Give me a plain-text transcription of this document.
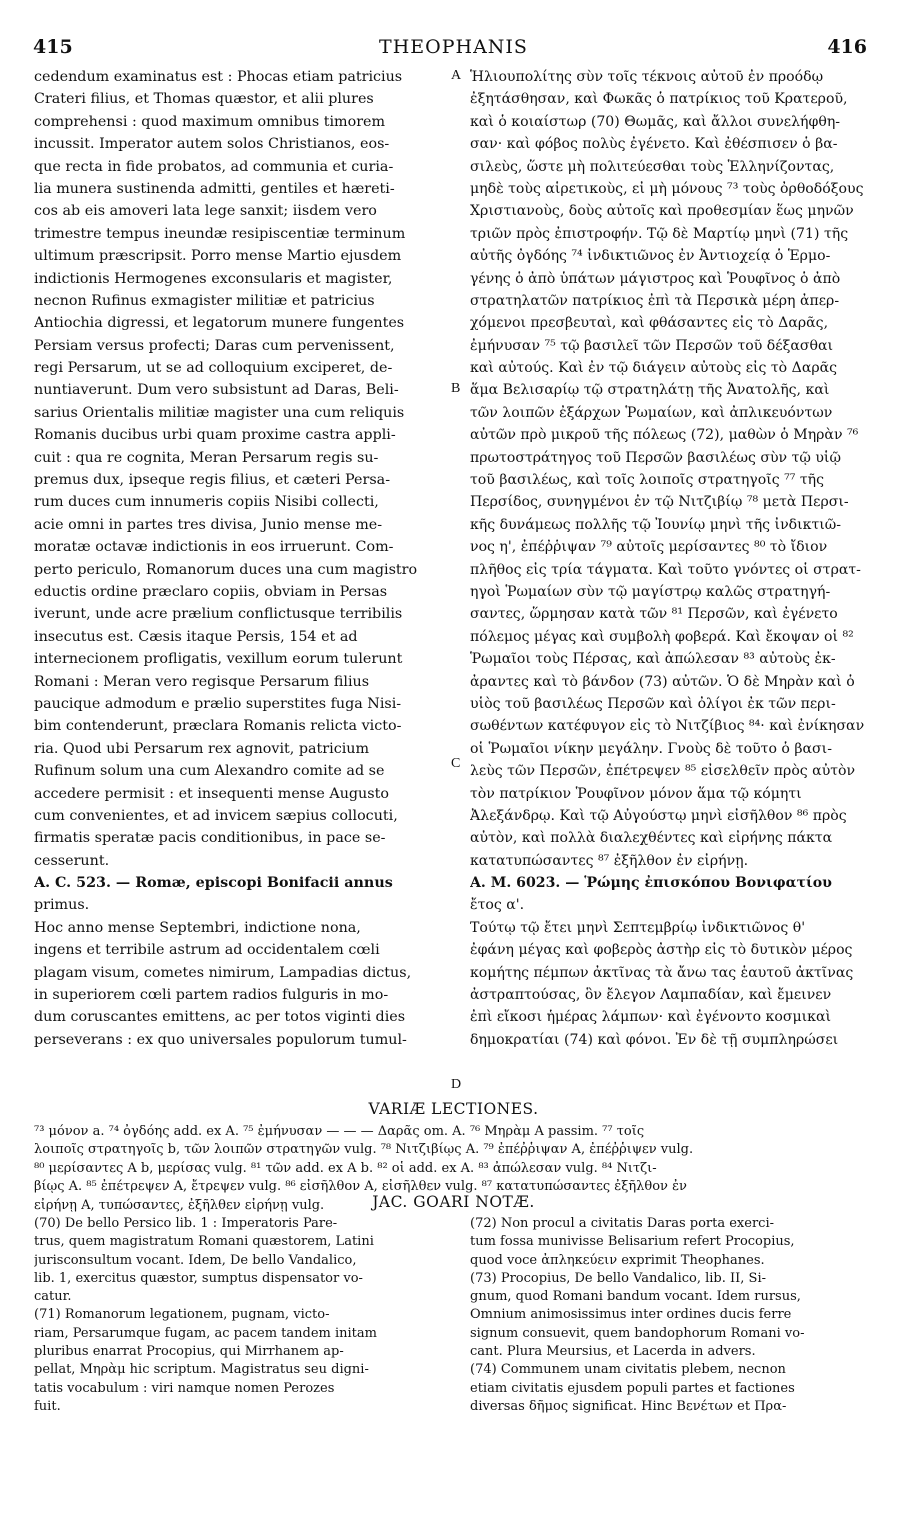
415	THEOPHANIS	416
cedendum examinatus est : Phocas etiam patricius
Crateri filius, et Thomas quæstor, et alii plures
comprehensi : quod maximum omnibus timorem
incussit. Imperator autem solos Christianos, eos-
que recta in fide probatos, ad communia et curia-
lia munera sustinenda admitti, gentiles et hæreti-
cos ab eis amoveri lata lege sanxit; iisdem vero
trimestre tempus ineundæ resipiscentiæ terminum
ultimum præscripsit. Porro mense Martio ejusdem
indictionis Hermogenes exconsularis et magister,
necnon Rufinus exmagister militiæ et patricius
Antiochia digressi, et legatorum munere fungentes
Persiam versus profecti; Daras cum pervenissent,
regi Persarum, ut se ad colloquium exciperet, de-
nuntiaverunt. Dum vero subsistunt ad Daras, Beli-
sarius Orientalis militiæ magister una cum reliquis
Romanis ducibus urbi quam proxime castra appli-
cuit : qua re cognita, Meran Persarum regis su-
premus dux, ipseque regis filius, et cæteri Persa-
rum duces cum innumeris copiis Nisibi collecti,
acie omni in partes tres divisa, Junio mense me-
moratæ octavæ indictionis in eos irruerunt. Com-
perto periculo, Romanorum duces una cum magistro
eductis ordine præclaro copiis, obviam in Persas
iverunt, unde acre prælium conflictusque terribilis
insecutus est. Cæsis itaque Persis, 154 et ad
internecionem profligatis, vexillum eorum tulerunt
Romani : Meran vero regisque Persarum filius
paucique admodum e prælio superstites fuga Nisi-
bim contenderunt, præclara Romanis relicta victo-
ria. Quod ubi Persarum rex agnovit, patricium
Rufinum solum una cum Alexandro comite ad se
accedere permisit : et insequenti mense Augusto
cum convenientes, et ad invicem sæpius collocuti,
firmatis speratæ pacis conditionibus, in pace se-
cesserunt.
A. C. 523. — Romæ, episcopi Bonifacii annus
primus.
Hoc anno mense Septembri, indictione nona,
ingens et terribile astrum ad occidentalem cœli
plagam visum, cometes nimirum, Lampadias dictus,
in superiorem cœli partem radios fulguris in mo-
dum coruscantes emittens, ac per totos viginti dies
perseverans : ex quo universales populorum tumul-
Ἡλιουπολίτης σὺν τοῖς τέκνοις αὐτοῦ ἐν προόδῳ
ἐξητάσθησαν, καὶ Φωκᾶς ὁ πατρίκιος τοῦ Κρατεροῦ,
καὶ ὁ κοιαίστωρ (70) Θωμᾶς, καὶ ἄλλοι συνελήφθη-
σαν· καὶ φόβος πολὺς ἐγένετο. Καὶ ἐθέσπισεν ὁ βα-
σιλεὺς, ὥστε μὴ πολιτεύεσθαι τοὺς Ἑλληνίζοντας,
μηδὲ τοὺς αἱρετικοὺς, εἰ μὴ μόνους ⁷³ τοὺς ὀρθοδόξους
Χριστιανοὺς, δοὺς αὐτοῖς καὶ προθεσμίαν ἕως μηνῶν
τριῶν πρὸς ἐπιστροφήν. Τῷ δὲ Μαρτίῳ μηνὶ (71) τῆς
αὐτῆς ὀγδόης ⁷⁴ ἰνδικτιῶνος ἐν Ἀντιοχείᾳ ὁ Ἑρμο-
γένης ὁ ἀπὸ ὑπάτων μάγιστρος καὶ Ῥουφῖνος ὁ ἀπὸ
στρατηλατῶν πατρίκιος ἐπὶ τὰ Περσικὰ μέρη ἀπερ-
χόμενοι πρεσβευταὶ, καὶ φθάσαντες εἰς τὸ Δαρᾶς,
ἐμήνυσαν ⁷⁵ τῷ βασιλεῖ τῶν Περσῶν τοῦ δέξασθαι
καὶ αὐτούς. Καὶ ἐν τῷ διάγειν αὐτοὺς εἰς τὸ Δαρᾶς
ἅμα Βελισαρίῳ τῷ στρατηλάτῃ τῆς Ἀνατολῆς, καὶ
τῶν λοιπῶν ἐξάρχων Ῥωμαίων, καὶ ἀπλικευόντων
αὐτῶν πρὸ μικροῦ τῆς πόλεως (72), μαθὼν ὁ Μηρὰν ⁷⁶
πρωτοστράτηγος τοῦ Περσῶν βασιλέως σὺν τῷ υἱῷ
τοῦ βασιλέως, καὶ τοῖς λοιποῖς στρατηγοῖς ⁷⁷ τῆς
Περσίδος, συνηγμένοι ἐν τῷ Νιτζιβίῳ ⁷⁸ μετὰ Περσι-
κῆς δυνάμεως πολλῆς τῷ Ἰουνίῳ μηνὶ τῆς ἰνδικτιῶ-
νος η', ἐπέῤῥιψαν ⁷⁹ αὐτοῖς μερίσαντες ⁸⁰ τὸ ἴδιον
πλῆθος εἰς τρία τάγματα. Καὶ τοῦτο γνόντες οἱ στρατ-
ηγοὶ Ῥωμαίων σὺν τῷ μαγίστρῳ καλῶς στρατηγή-
σαντες, ὥρμησαν κατὰ τῶν ⁸¹ Περσῶν, καὶ ἐγένετο
πόλεμος μέγας καὶ συμβολὴ φοβερά. Καὶ ἔκοψαν οἱ ⁸²
Ῥωμαῖοι τοὺς Πέρσας, καὶ ἀπώλεσαν ⁸³ αὐτοὺς ἐκ-
ἀραντες καὶ τὸ βάνδον (73) αὐτῶν. Ὁ δὲ Μηρὰν καὶ ὁ
υἱὸς τοῦ βασιλέως Περσῶν καὶ ὀλίγοι ἐκ τῶν περι-
σωθέντων κατέφυγον εἰς τὸ Νιτζίβιος ⁸⁴· καὶ ἐνίκησαν
οἱ Ῥωμαῖοι νίκην μεγάλην. Γνοὺς δὲ τοῦτο ὁ βασι-
λεὺς τῶν Περσῶν, ἐπέτρεψεν ⁸⁵ εἰσελθεῖν πρὸς αὐτὸν
τὸν πατρίκιον Ῥουφῖνον μόνον ἅμα τῷ κόμητι
Ἀλεξάνδρῳ. Καὶ τῷ Αὐγούστῳ μηνὶ εἰσῆλθον ⁸⁶ πρὸς
αὐτὸν, καὶ πολλὰ διαλεχθέντες καὶ εἰρήνης πάκτα
κατατυπώσαντες ⁸⁷ ἐξῆλθον ἐν εἰρήνῃ.
A. M. 6023. — Ῥώμης ἐπισκόπου Βονιφατίου
ἔτος α'.
Τούτῳ τῷ ἔτει μηνὶ Σεπτεμβρίῳ ἰνδικτιῶνος θ'
ἐφάνη μέγας καὶ φοβερὸς ἀστὴρ εἰς τὸ δυτικὸν μέρος
κομήτης πέμπων ἀκτῖνας τὰ ἄνω τας ἑαυτοῦ ἀκτῖνας
ἀστραπτούσας, ὃν ἔλεγον Λαμπαδίαν, καὶ ἔμεινεν
ἐπὶ εἴκοσι ἡμέρας λάμπων· καὶ ἐγένοντο κοσμικαὶ
δημοκρατίαι (74) καὶ φόνοι. Ἐν δὲ τῇ συμπληρώσει
A
B
C
D
VARIÆ LECTIONES.
⁷³ μόνον a. ⁷⁴ ὀγδόης add. ex A. ⁷⁵ ἐμήνυσαν — — — Δαρᾶς om. A. ⁷⁶ Μηρὰμ A passim. ⁷⁷ τοῖς
λοιποῖς στρατηγοῖς b, τῶν λοιπῶν στρατηγῶν vulg. ⁷⁸ Νιτζιβίῳς A. ⁷⁹ ἐπέῤῥιψαν A, ἐπέῤῥιψεν vulg.
⁸⁰ μερίσαντες A b, μερίσας vulg. ⁸¹ τῶν add. ex A b. ⁸² οἱ add. ex A. ⁸³ ἀπώλεσαν vulg. ⁸⁴ Νιτζι-
βίῳς A. ⁸⁵ ἐπέτρεψεν A, ἔτρεψεν vulg. ⁸⁶ εἰσῆλθον A, εἰσῆλθεν vulg. ⁸⁷ κατατυπώσαντες ἐξῆλθον ἐν
εἰρήνῃ A, τυπώσαντες, ἐξῆλθεν εἰρήνῃ vulg.	JAC. GOARI NOTÆ.
(70) De bello Persico lib. 1 : Imperatoris Pare-
trus, quem magistratum Romani quæstorem, Latini
jurisconsultum vocant. Idem, De bello Vandalico,
lib. 1, exercitus quæstor, sumptus dispensator vo-
catur.
(71) Romanorum legationem, pugnam, victo-
riam, Persarumque fugam, ac pacem tandem initam
pluribus enarrat Procopius, qui Mirrhanem ap-
pellat, Μηρὰμ hic scriptum. Magistratus seu digni-
tatis vocabulum : viri namque nomen Perozes
fuit.
(72) Non procul a civitatis Daras porta exerci-
tum fossa munivisse Belisarium refert Procopius,
quod voce ἀπληκεύειν exprimit Theophanes.
(73) Procopius, De bello Vandalico, lib. II, Si-
gnum, quod Romani bandum vocant. Idem rursus,
Omnium animosissimus inter ordines ducis ferre
signum consuevit, quem bandophorum Romani vo-
cant. Plura Meursius, et Lacerda in advers.
(74) Communem unam civitatis plebem, necnon
etiam civitatis ejusdem populi partes et factiones
diversas δῆμος significat. Hinc Βενέτων et Πρα-
